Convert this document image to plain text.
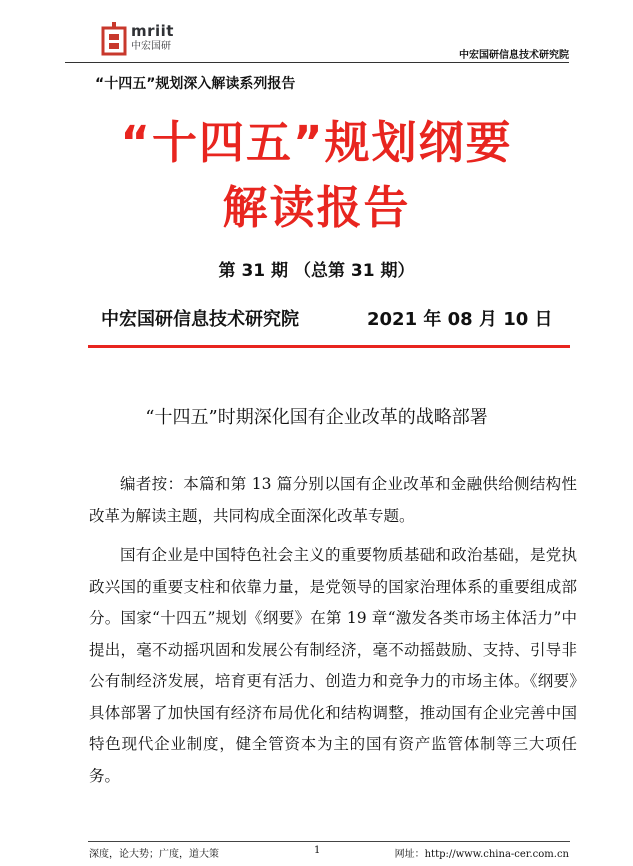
mriit
中宏国研
中宏国研信息技术研究院
“十四五”规划深入解读系列报告
“十四五”规划纲要
解读报告
第 31 期 （总第 31 期）
中宏国研信息技术研究院	2021 年 08 月 10 日
“十四五”时期深化国有企业改革的战略部署
编者按：本篇和第 13 篇分别以国有企业改革和金融供给侧结构性改革为解读主题，共同构成全面深化改革专题。
国有企业是中国特色社会主义的重要物质基础和政治基础，是党执政兴国的重要支柱和依靠力量，是党领导的国家治理体系的重要组成部分。国家“十四五”规划《纲要》在第 19 章“激发各类市场主体活力”中提出，毫不动摇巩固和发展公有制经济，毫不动摇鼓励、支持、引导非公有制经济发展，培育更有活力、创造力和竞争力的市场主体。《纲要》具体部署了加快国有经济布局优化和结构调整，推动国有企业完善中国特色现代企业制度，健全管资本为主的国有资产监管体制等三大项任务。
深度，论大势；广度，道大策	1	网址：http://www.china-cer.com.cn
